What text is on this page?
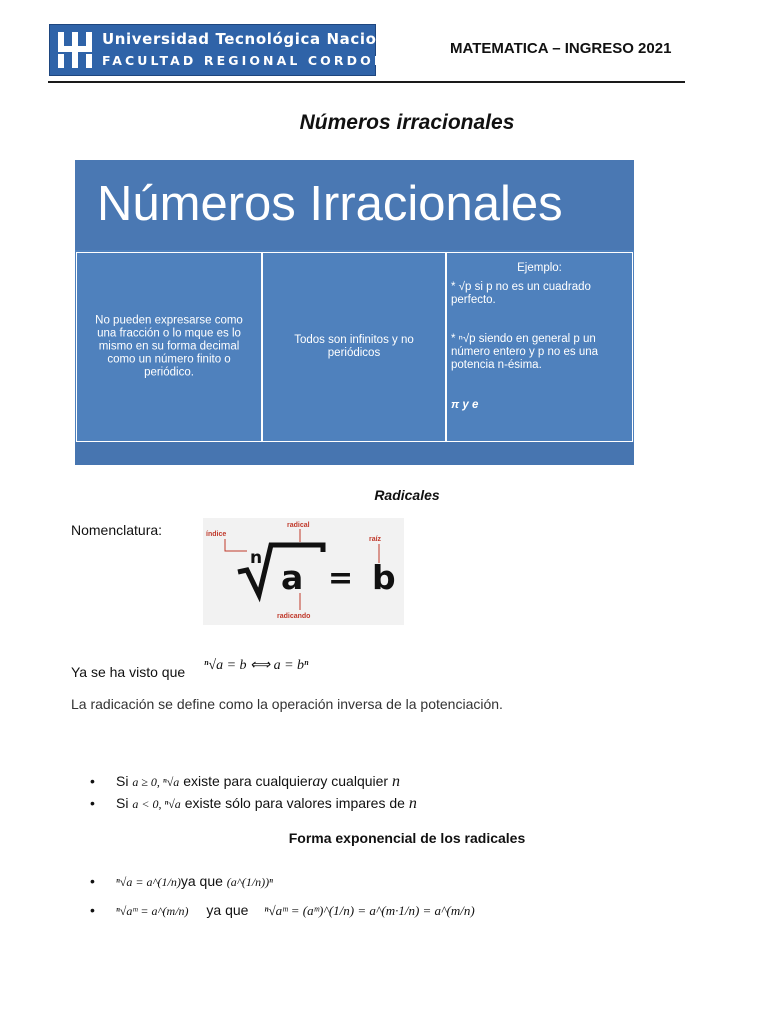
Universidad Tecnológica Nacional
FACULTAD REGIONAL CORDOBA
MATEMATICA – INGRESO 2021
Números irracionales
Números Irracionales
No pueden expresarse como una fracción o lo mque es lo mismo en su forma decimal como un número finito o periódico.
Todos son infinitos y no periódicos
Ejemplo:
* √p si p no es un cuadrado perfecto.
* ⁿ√p siendo en general p un número entero y p no es una potencia n-ésima.
π y e
Radicales
Nomenclatura:	índice
radical
raíz
radicando
n a = b
Ya se ha visto que ⁿ√a = b ⟺ a = bⁿ
La radicación se define como la operación inversa de la potenciación.
• Si a ≥ 0, ⁿ√a existe para cualquieray cualquier n
• Si a < 0, ⁿ√a existe sólo para valores impares de n
Forma exponencial de los radicales
• ⁿ√a = a^(1/n)ya que (a^(1/n))ⁿ
• ⁿ√aᵐ = a^(m/n) ya que ⁿ√aᵐ = (aᵐ)^(1/n) = a^(m·1/n) = a^(m/n)
